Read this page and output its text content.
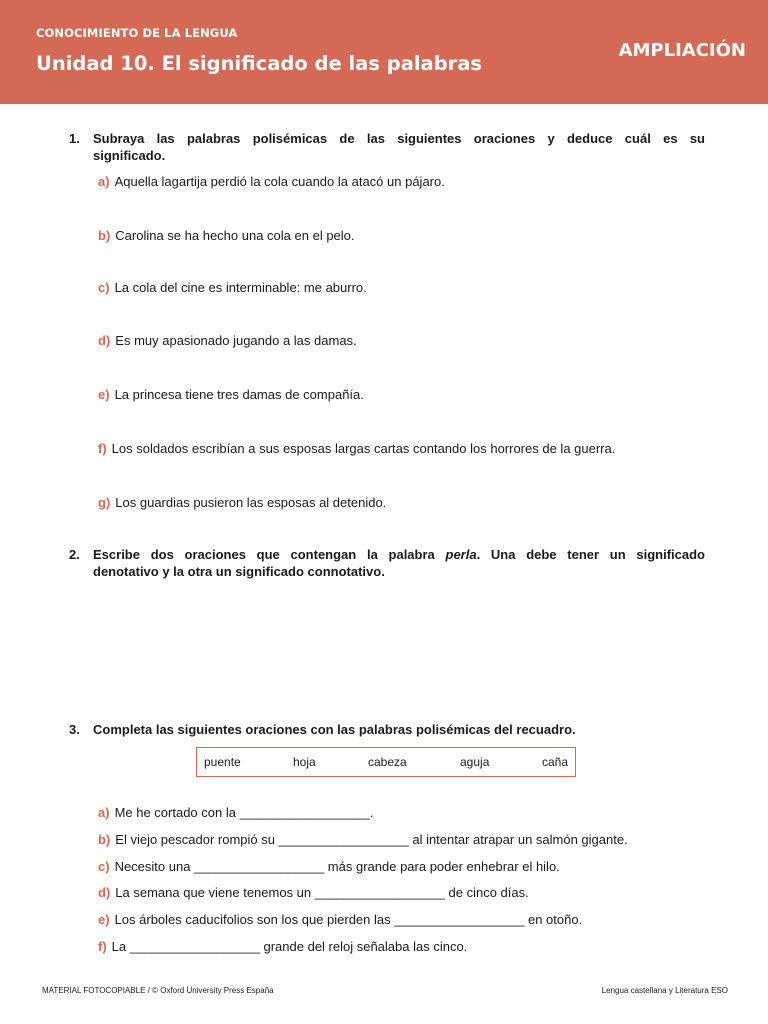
CONOCIMIENTO DE LA LENGUA
Unidad 10. El significado de las palabras
AMPLIACIÓN
1. Subraya las palabras polisémicas de las siguientes oraciones y deduce cuál es su
significado.
a) Aquella lagartija perdió la cola cuando la atacó un pájaro.
b) Carolina se ha hecho una cola en el pelo.
c) La cola del cine es interminable: me aburro.
d) Es muy apasionado jugando a las damas.
e) La princesa tiene tres damas de compañía.
f) Los soldados escribían a sus esposas largas cartas contando los horrores de la guerra.
g) Los guardias pusieron las esposas al detenido.
2. Escribe dos oraciones que contengan la palabra perla. Una debe tener un significado
denotativo y la otra un significado connotativo.
3. Completa las siguientes oraciones con las palabras polisémicas del recuadro.
puente	hoja	cabeza	aguja	caña
a) Me he cortado con la __________________.
b) El viejo pescador rompió su __________________ al intentar atrapar un salmón gigante.
c) Necesito una __________________ más grande para poder enhebrar el hilo.
d) La semana que viene tenemos un __________________ de cinco días.
e) Los árboles caducifolios son los que pierden las __________________ en otoño.
f) La __________________ grande del reloj señalaba las cinco.
MATERIAL FOTOCOPIABLE / © Oxford University Press España	Lengua castellana y Literatura ESO
